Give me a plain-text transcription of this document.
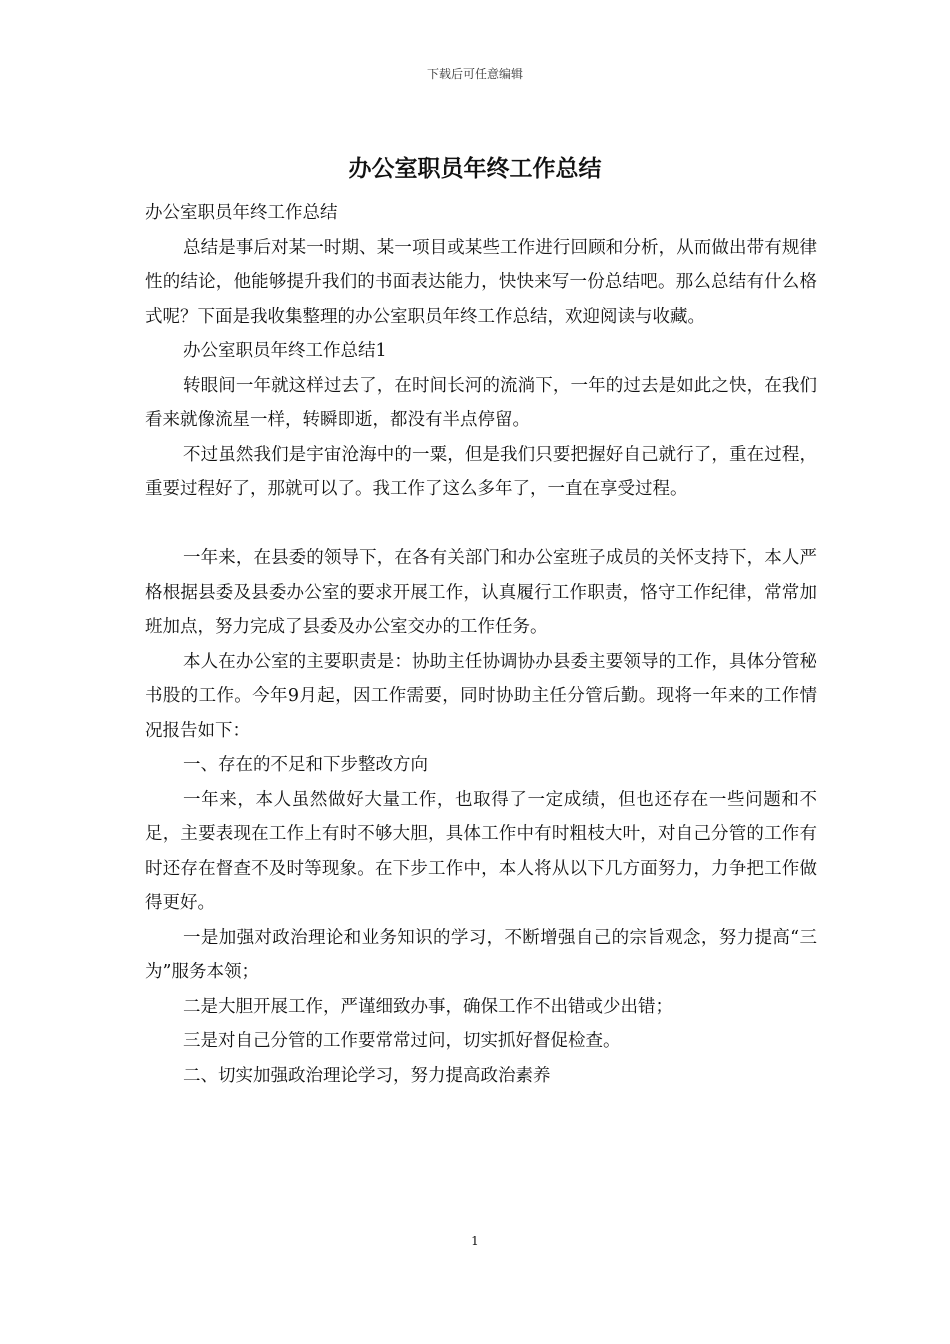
下载后可任意编辑
办公室职员年终工作总结

办公室职员年终工作总结

总结是事后对某一时期、某一项目或某些工作进行回顾和分析，从而做出带有规律性的结论，他能够提升我们的书面表达能力，快快来写一份总结吧。那么总结有什么格式呢？下面是我收集整理的办公室职员年终工作总结，欢迎阅读与收藏。

办公室职员年终工作总结1

转眼间一年就这样过去了，在时间长河的流淌下，一年的过去是如此之快，在我们看来就像流星一样，转瞬即逝，都没有半点停留。

不过虽然我们是宇宙沧海中的一粟，但是我们只要把握好自己就行了，重在过程，重要过程好了，那就可以了。我工作了这么多年了，一直在享受过程。

一年来，在县委的领导下，在各有关部门和办公室班子成员的关怀支持下，本人严格根据县委及县委办公室的要求开展工作，认真履行工作职责，恪守工作纪律，常常加班加点，努力完成了县委及办公室交办的工作任务。

本人在办公室的主要职责是：协助主任协调协办县委主要领导的工作，具体分管秘书股的工作。今年9月起，因工作需要，同时协助主任分管后勤。现将一年来的工作情况报告如下：

一、存在的不足和下步整改方向

一年来，本人虽然做好大量工作，也取得了一定成绩，但也还存在一些问题和不足，主要表现在工作上有时不够大胆，具体工作中有时粗枝大叶，对自己分管的工作有时还存在督查不及时等现象。在下步工作中，本人将从以下几方面努力，力争把工作做得更好。

一是加强对政治理论和业务知识的学习，不断增强自己的宗旨观念，努力提高“三为”服务本领；

二是大胆开展工作，严谨细致办事，确保工作不出错或少出错；

三是对自己分管的工作要常常过问，切实抓好督促检查。

二、切实加强政治理论学习，努力提高政治素养

1
